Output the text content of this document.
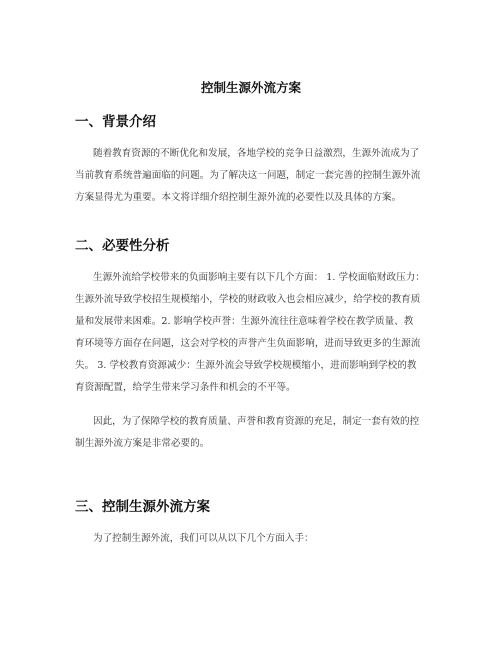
控制生源外流方案
一、背景介绍
随着教育资源的不断优化和发展，各地学校的竞争日益激烈，生源外流成为了
当前教育系统普遍面临的问题。为了解决这一问题，制定一套完善的控制生源外流
方案显得尤为重要。本文将详细介绍控制生源外流的必要性以及具体的方案。
二、必要性分析
生源外流给学校带来的负面影响主要有以下几个方面： 1. 学校面临财政压力：
生源外流导致学校招生规模缩小，学校的财政收入也会相应减少，给学校的教育质
量和发展带来困难。2. 影响学校声誉：生源外流往往意味着学校在教学质量、教
育环境等方面存在问题，这会对学校的声誉产生负面影响，进而导致更多的生源流
失。 3. 学校教育资源减少：生源外流会导致学校规模缩小，进而影响到学校的教
育资源配置，给学生带来学习条件和机会的不平等。
因此，为了保障学校的教育质量、声誉和教育资源的充足，制定一套有效的控
制生源外流方案是非常必要的。
三、控制生源外流方案
为了控制生源外流，我们可以从以下几个方面入手：
